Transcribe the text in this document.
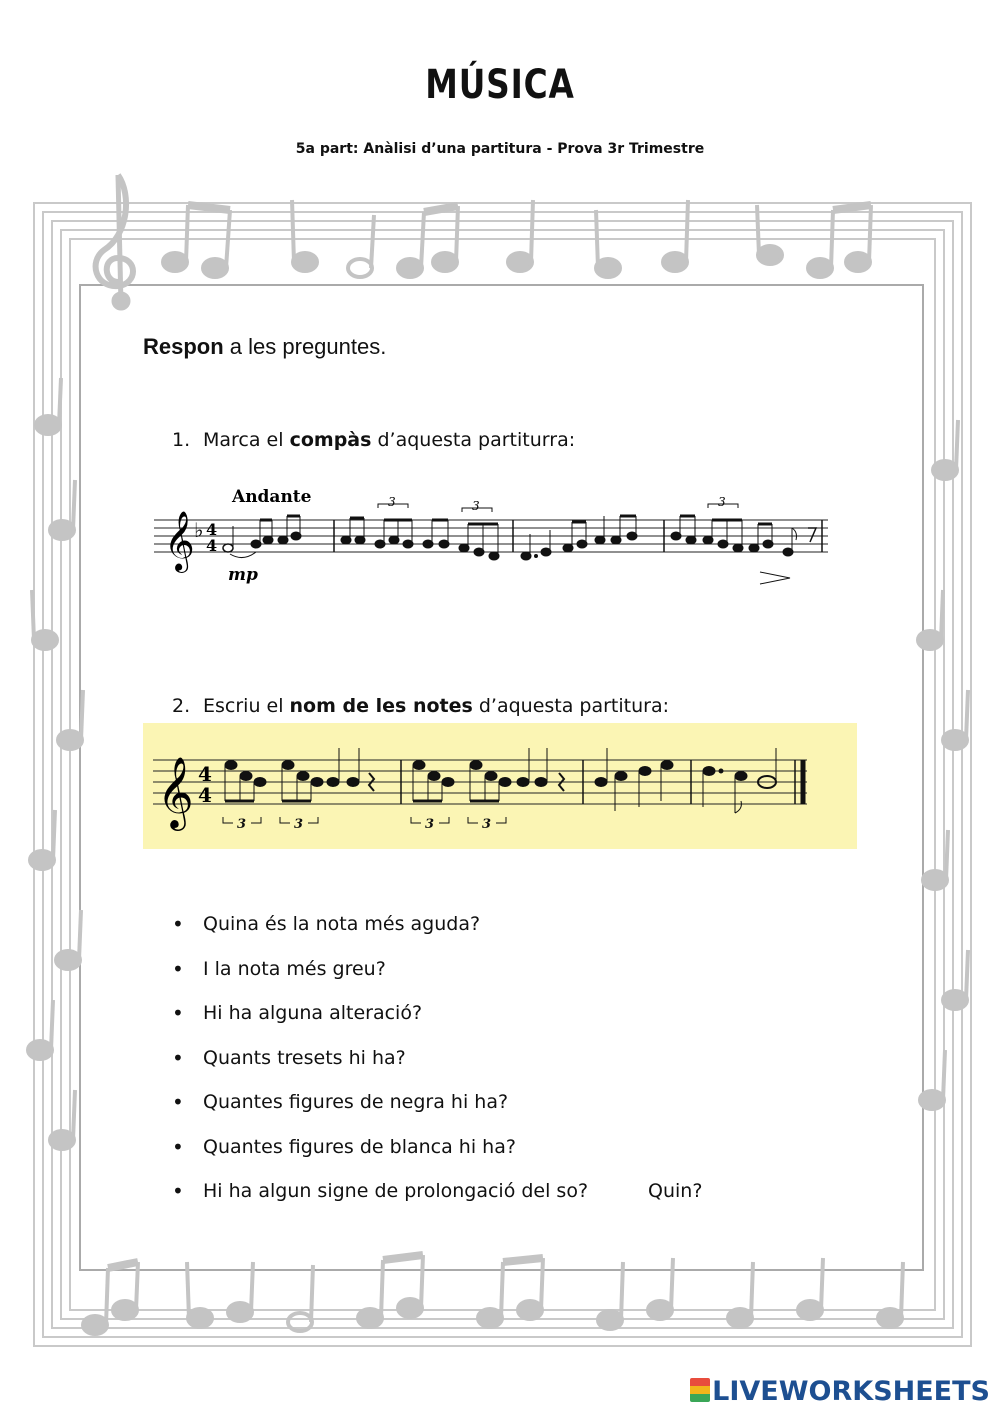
MÚSICA
5a part: Anàlisi d’una partitura - Prova 3r Trimestre
Respon a les preguntes.
1. Marca el compàs d’aquesta partiturra:
Andante
𝄞 ♭ 4
4
3	3	3
mp
2. Escriu el nom de les notes d’aquesta partitura:
𝄞 4
4
3	3	3	3
• Quina és la nota més aguda?
• I la nota més greu?
• Hi ha alguna alteració?
• Quants tresets hi ha?
• Quantes figures de negra hi ha?
• Quantes figures de blanca hi ha?
• Hi ha algun signe de prolongació del so?	Quin?
LIVEWORKSHEETS
